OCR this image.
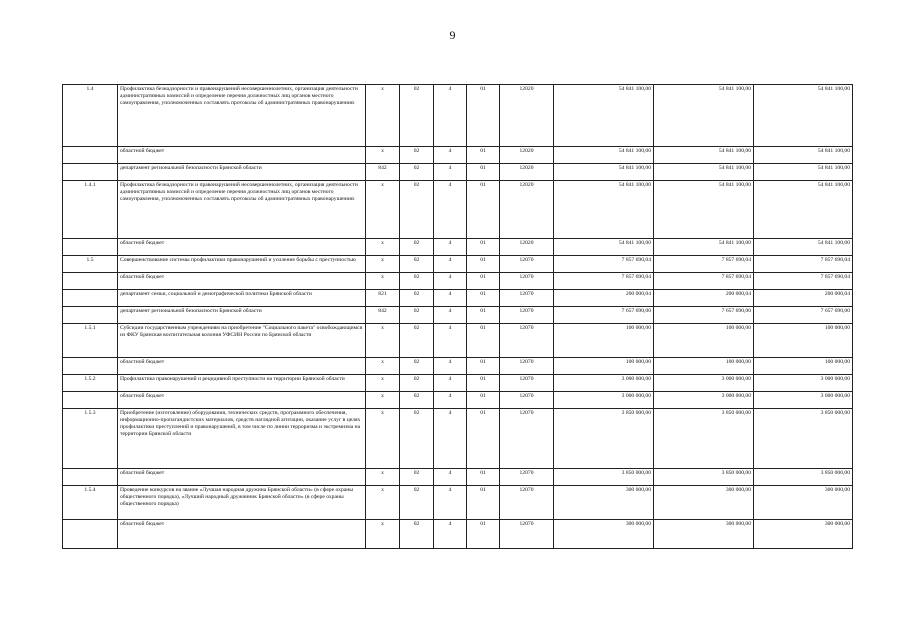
9
1.4	Профилактика безнадзорности и правонарушений несовершеннолетних, организация деятельности административных комиссий и определение перечня должностных лиц органов местного самоуправления, уполномоченных составлять протоколы об административных правонарушениях	х	02	4	01	12020	54 841 100,00	54 841 100,00	54 841 100,00
	областной бюджет	х	02	4	01	12020	54 841 100,00	54 841 100,00	54 841 100,00
	департамент региональной безопасности Брянской области	842	02	4	01	12020	54 841 100,00	54 841 100,00	54 841 100,00
1.4.1	Профилактика безнадзорности и правонарушений несовершеннолетних, организация деятельности административных комиссий и определение перечня должностных лиц органов местного самоуправления, уполномоченных составлять протоколы об административных правонарушениях	х	02	4	01	12020	54 841 100,00	54 841 100,00	54 841 100,00
	областной бюджет	х	02	4	01	12020	54 841 100,00	54 841 100,00	54 841 100,00
1.5	Совершенствование системы профилактики правонарушений и усиление борьбы с преступностью	х	02	4	01	12070	7 857 690,04	7 857 690,04	7 857 690,04
	областной бюджет	х	02	4	01	12070	7 857 690,04	7 857 690,04	7 857 690,04
	департамент семьи, социальной и демографической политики Брянской области	821	02	4	01	12070	200 000,04	200 000,04	200 000,04
	департамент региональной безопасности Брянской области	842	02	4	01	12070	7 657 690,00	7 657 690,00	7 657 690,00
1.5.1	Субсидии государственным учреждениям на приобретение "Социального пакета" освобождающимся из ФКУ Брянская воспитательная колония УФСИН России по Брянской области	х	02	4	01	12070	100 000,00	100 000,00	100 000,00
	областной бюджет	х	02	4	01	12070	100 000,00	100 000,00	100 000,00
1.5.2	Профилактика правонарушений и рецидивной преступности на территории Брянской области	х	02	4	01	12070	3 000 000,00	3 000 000,00	3 000 000,00
	областной бюджет	х	02	4	01	12070	3 000 000,00	3 000 000,00	3 000 000,00
1.5.3	Приобретение (изготовление) оборудования, технических средств, программного обеспечения, информационно-пропагандистских материалов, средств наглядной агитации, оказание услуг в целях профилактики преступлений и правонарушений, в том числе по линии терроризма и экстремизма на территории Брянской области	х	02	4	01	12070	3 850 000,00	3 850 000,00	3 850 000,00
	областной бюджет	х	02	4	01	12070	3 850 000,00	3 850 000,00	3 850 000,00
1.5.4	Проведение конкурсов на звание «Лучшая народная дружина Брянской области» (в сфере охраны общественного порядка), «Лучший народный дружинник Брянской области» (в сфере охраны общественного порядка)	х	02	4	01	12070	300 000,00	300 000,00	300 000,00
	областной бюджет	х	02	4	01	12070	300 000,00	300 000,00	300 000,00
